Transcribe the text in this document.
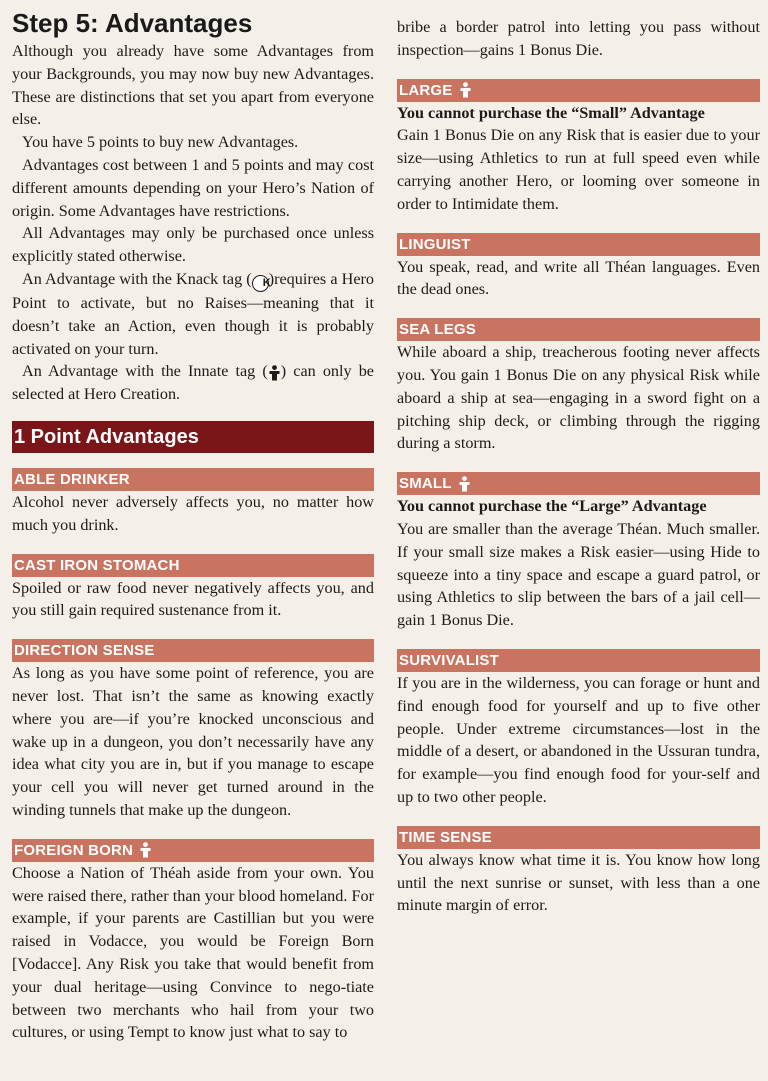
Step 5: Advantages

Although you already have some Advantages from your Backgrounds, you may now buy new Advantages. These are distinctions that set you apart from everyone else.

You have 5 points to buy new Advantages.

Advantages cost between 1 and 5 points and may cost different amounts depending on your Hero’s Nation of origin. Some Advantages have restrictions.

All Advantages may only be purchased once unless explicitly stated otherwise.

An Advantage with the Knack tag ( K)requires a Hero Point to activate, but no Raises—meaning that it doesn’t take an Action, even though it is probably activated on your turn.

An Advantage with the Innate tag ( ) can only be selected at Hero Creation.

1 Point Advantages
ABLE DRINKER

Alcohol never adversely affects you, no matter how much you drink.

CAST IRON STOMACH

Spoiled or raw food never negatively affects you, and you still gain required sustenance from it.

DIRECTION SENSE

As long as you have some point of reference, you are never lost. That isn’t the same as knowing exactly where you are—if you’re knocked unconscious and wake up in a dungeon, you don’t necessarily have any idea what city you are in, but if you manage to escape your cell you will never get turned around in the winding tunnels that make up the dungeon.

FOREIGN BORN

Choose a Nation of Théah aside from your own. You were raised there, rather than your blood homeland. For example, if your parents are Castillian but you were raised in Vodacce, you would be Foreign Born [Vodacce]. Any Risk you take that would benefit from your dual heritage—using Convince to nego-tiate between two merchants who hail from your two cultures, or using Tempt to know just what to say to

bribe a border patrol into letting you pass without inspection—gains 1 Bonus Die.

LARGE

You cannot purchase the “Small” Advantage

Gain 1 Bonus Die on any Risk that is easier due to your size—using Athletics to run at full speed even while carrying another Hero, or looming over someone in order to Intimidate them.

LINGUIST

You speak, read, and write all Théan languages. Even the dead ones.

SEA LEGS

While aboard a ship, treacherous footing never affects you. You gain 1 Bonus Die on any physical Risk while aboard a ship at sea—engaging in a sword fight on a pitching ship deck, or climbing through the rigging during a storm.

SMALL

You cannot purchase the “Large” Advantage

You are smaller than the average Théan. Much smaller. If your small size makes a Risk easier—using Hide to squeeze into a tiny space and escape a guard patrol, or using Athletics to slip between the bars of a jail cell—gain 1 Bonus Die.

SURVIVALIST

If you are in the wilderness, you can forage or hunt and find enough food for yourself and up to five other people. Under extreme circumstances—lost in the middle of a desert, or abandoned in the Ussuran tundra, for example—you find enough food for your-self and up to two other people.

TIME SENSE

You always know what time it is. You know how long until the next sunrise or sunset, with less than a one minute margin of error.
